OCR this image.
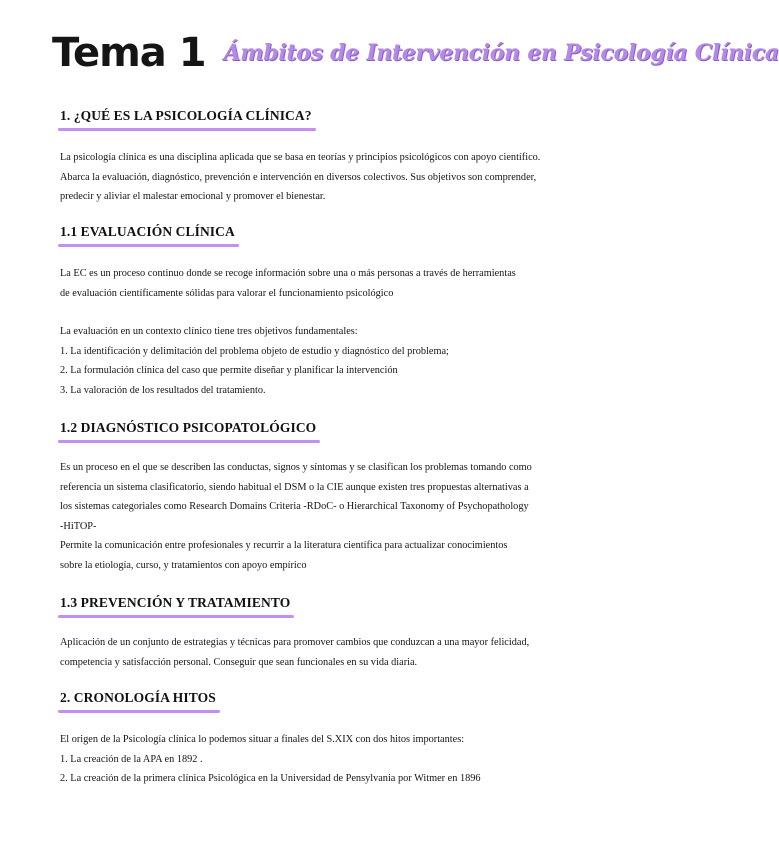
Tema 1 Ámbitos de Intervención en Psicología Clínica
1. ¿QUÉ ES LA PSICOLOGÍA CLÍNICA?
La psicología clínica es una disciplina aplicada que se basa en teorías y principios psicológicos con apoyo científico.
Abarca la evaluación, diagnóstico, prevención e intervención en diversos colectivos. Sus objetivos son comprender,
predecir y aliviar el malestar emocional y promover el bienestar.
1.1 EVALUACIÓN CLÍNICA
La EC es un proceso continuo donde se recoge información sobre una o más personas a través de herramientas
de evaluación científicamente sólidas para valorar el funcionamiento psicológico
La evaluación en un contexto clínico tiene tres objetivos fundamentales:
1. La identificación y delimitación del problema objeto de estudio y diagnóstico del problema;
2. La formulación clínica del caso que permite diseñar y planificar la intervención
3. La valoración de los resultados del tratamiento.
1.2 DIAGNÓSTICO PSICOPATOLÓGICO
Es un proceso en el que se describen las conductas, signos y síntomas y se clasifican los problemas tomando como
referencia un sistema clasificatorio, siendo habitual el DSM o la CIE aunque existen tres propuestas alternativas a
los sistemas categoriales como Research Domains Criteria -RDoC- o Hierarchical Taxonomy of Psychopathology
-HiTOP-
Permite la comunicación entre profesionales y recurrir a la literatura científica para actualizar conocimientos
sobre la etiología, curso, y tratamientos con apoyo empírico
1.3 PREVENCIÓN Y TRATAMIENTO
Aplicación de un conjunto de estrategias y técnicas para promover cambios que conduzcan a una mayor felicidad,
competencia y satisfacción personal. Conseguir que sean funcionales en su vida diaria.
2. CRONOLOGÍA HITOS
El origen de la Psicología clínica lo podemos situar a finales del S.XIX con dos hitos importantes:
1. La creación de la APA en 1892 .
2. La creación de la primera clínica Psicológica en la Universidad de Pensylvania por Witmer en 1896
